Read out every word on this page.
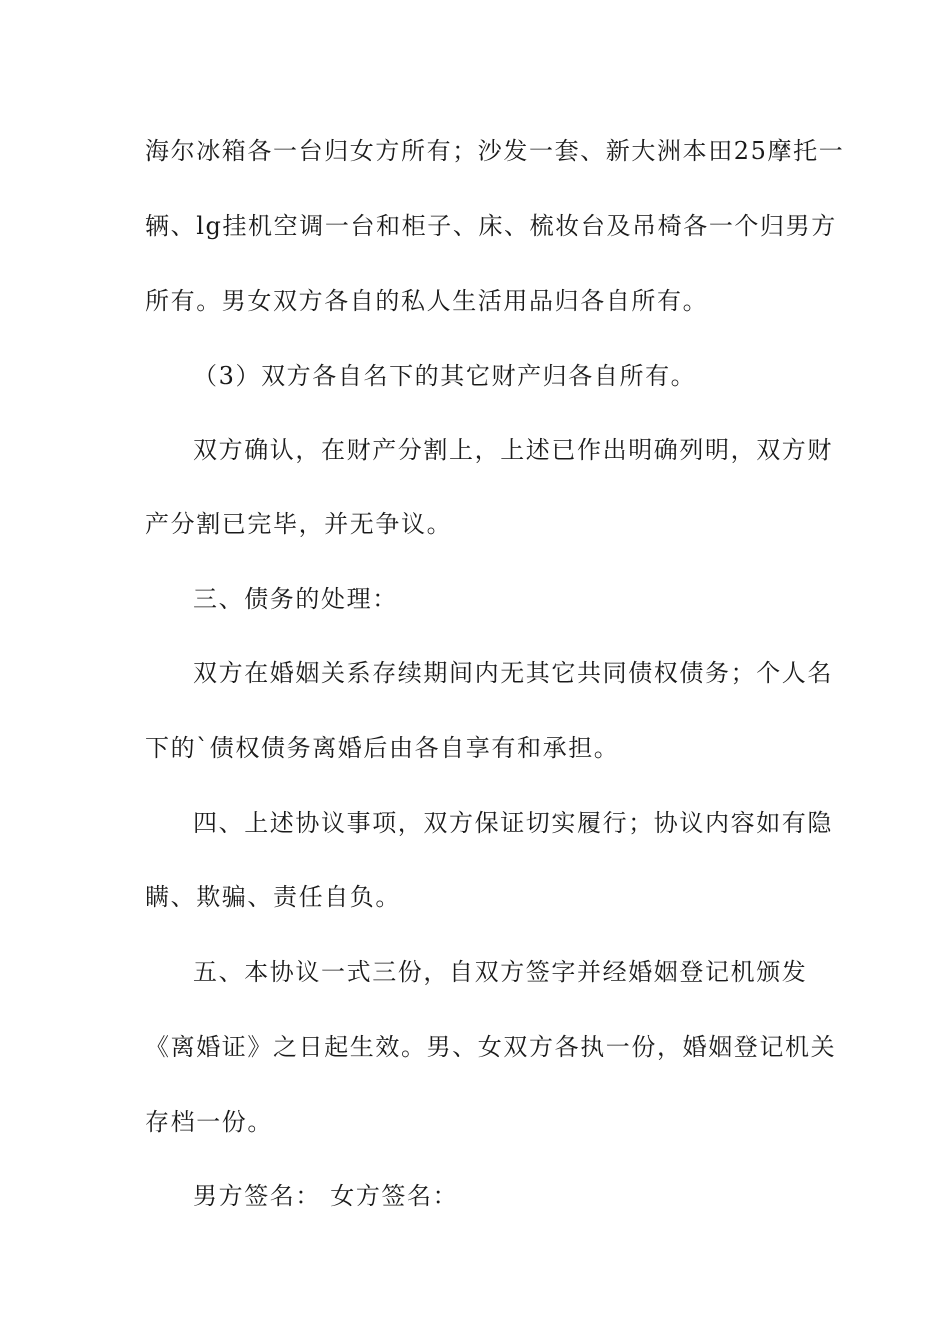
海尔冰箱各一台归女方所有；沙发一套、新大洲本田25摩托一
辆、lg挂机空调一台和柜子、床、梳妆台及吊椅各一个归男方
所有。男女双方各自的私人生活用品归各自所有。
（3）双方各自名下的其它财产归各自所有。
双方确认，在财产分割上，上述已作出明确列明，双方财
产分割已完毕，并无争议。
三、债务的处理：
双方在婚姻关系存续期间内无其它共同债权债务；个人名
下的`债权债务离婚后由各自享有和承担。
四、上述协议事项，双方保证切实履行；协议内容如有隐
瞒、欺骗、责任自负。
五、本协议一式三份，自双方签字并经婚姻登记机颁发
《离婚证》之日起生效。男、女双方各执一份，婚姻登记机关
存档一份。
男方签名： 女方签名：
